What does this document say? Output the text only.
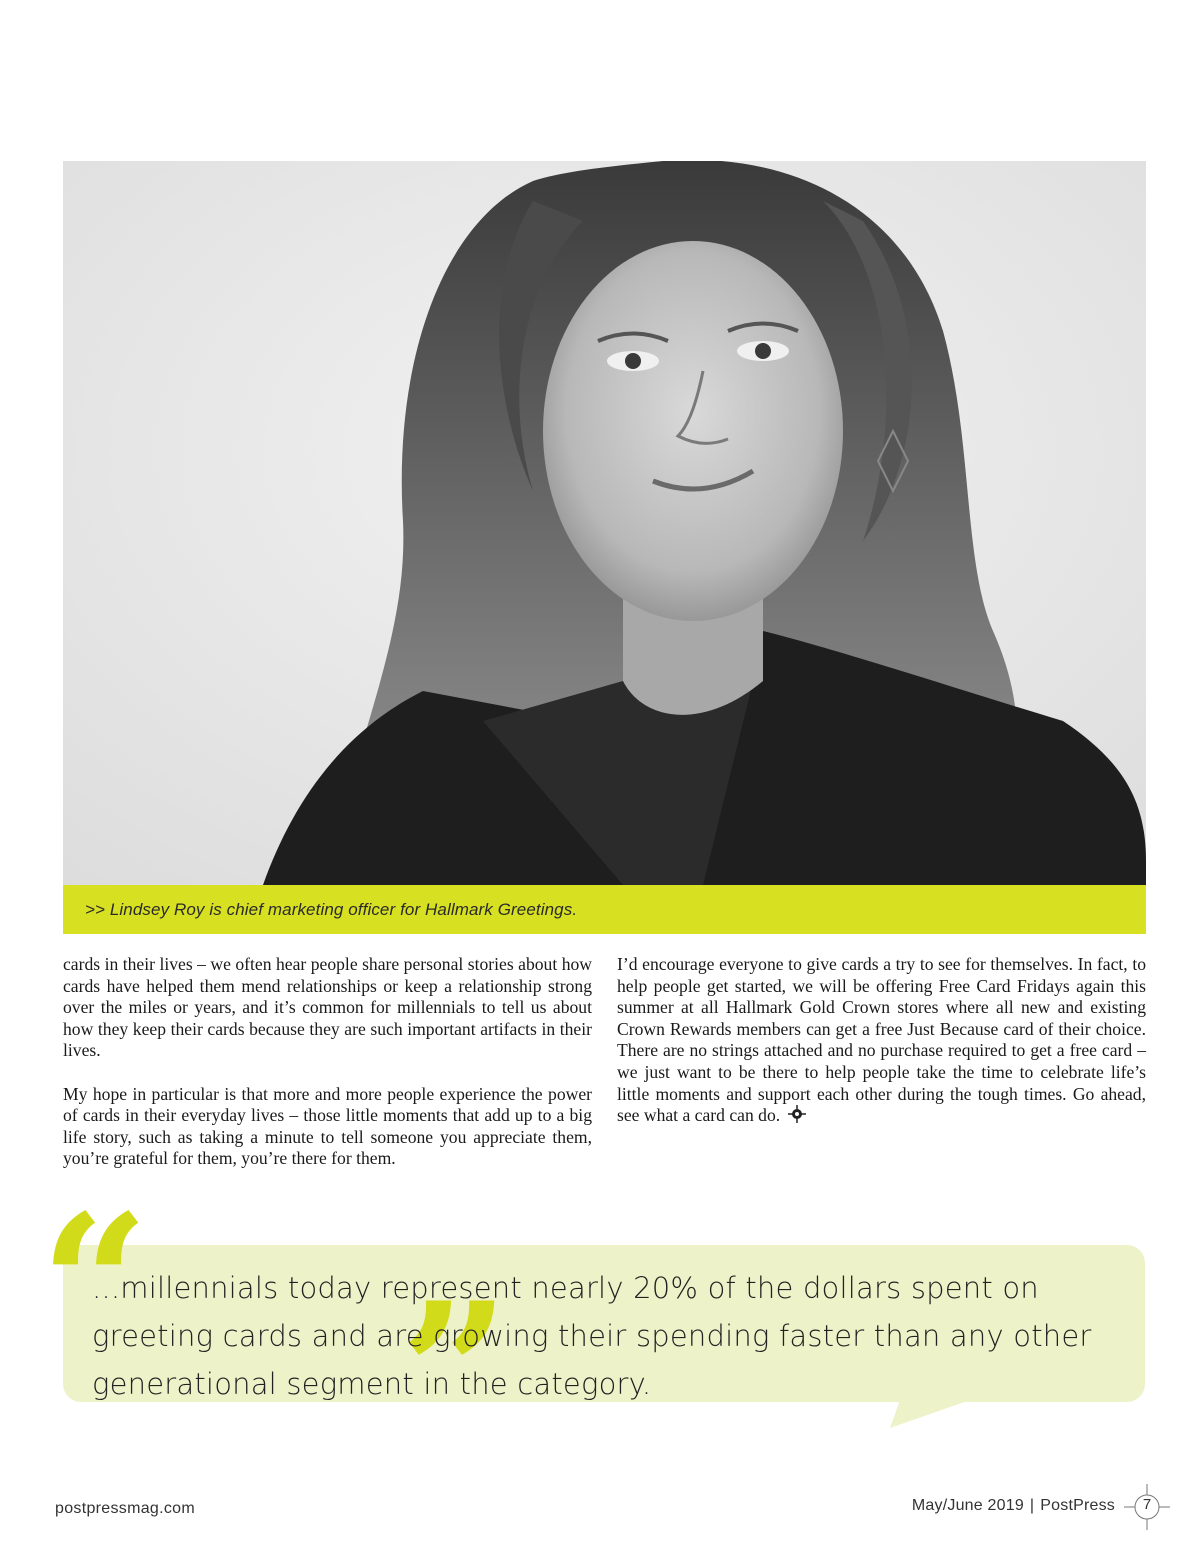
>> Lindsey Roy is chief marketing officer for Hallmark Greetings.

cards in their lives – we often hear people share personal stories about how cards have helped them mend relationships or keep a relationship strong over the miles or years, and it’s common for millennials to tell us about how they keep their cards because they are such important artifacts in their lives.

My hope in particular is that more and more people experience the power of cards in their everyday lives – those little moments that add up to a big life story, such as taking a minute to tell someone you appreciate them, you’re grateful for them, you’re there for them.

I’d encourage everyone to give cards a try to see for themselves. In fact, to help people get started, we will be offering Free Card Fridays again this summer at all Hallmark Gold Crown stores where all new and existing Crown Rewards members can get a free Just Because card of their choice. There are no strings attached and no purchase required to get a free card – we just want to be there to help people take the time to celebrate life’s little moments and support each other during the tough times. Go ahead, see what a card can do.

“ ”
...millennials today represent nearly 20% of the dollars spent on greeting cards and are growing their spending faster than any other generational segment in the category.
postpressmag.com	May/June 2019 | PostPress	7
